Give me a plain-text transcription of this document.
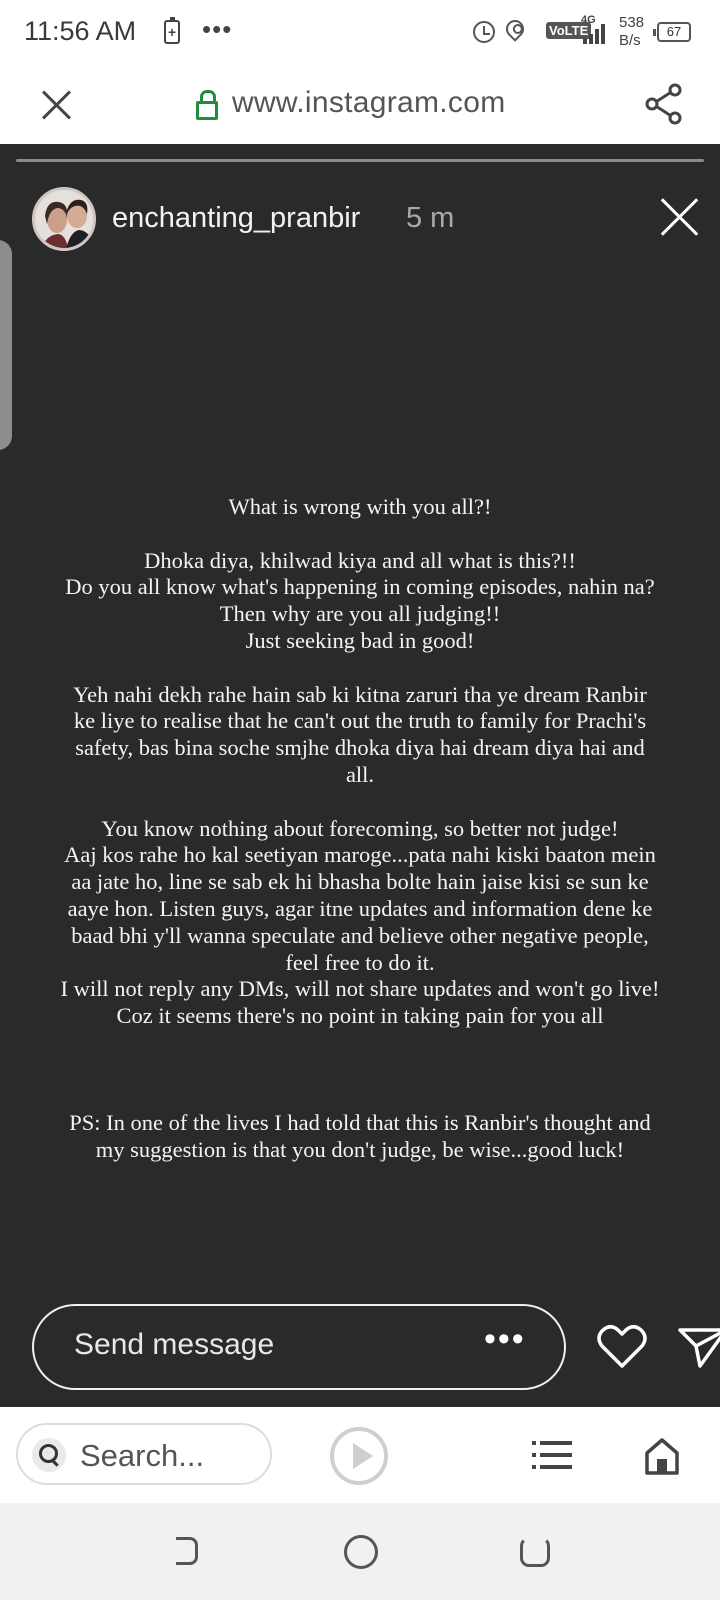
11:56 AM + •••	VoLTE
4G 538
B/s
67
www.instagram.com
enchanting_pranbir 5 m

What is wrong with you all?!

Dhoka diya, khilwad kiya and all what is this?!!
Do you all know what's happening in coming episodes, nahin na?
Then why are you all judging!!
Just seeking bad in good!

Yeh nahi dekh rahe hain sab ki kitna zaruri tha ye dream Ranbir
ke liye to realise that he can't out the truth to family for Prachi's
safety, bas bina soche smjhe dhoka diya hai dream diya hai and
all.

You know nothing about forecoming, so better not judge!
Aaj kos rahe ho kal seetiyan maroge...pata nahi kiski baaton mein
aa jate ho, line se sab ek hi bhasha bolte hain jaise kisi se sun ke
aaye hon. Listen guys, agar itne updates and information dene ke
baad bhi y'll wanna speculate and believe other negative people,
feel free to do it.
I will not reply any DMs, will not share updates and won't go live!
Coz it seems there's no point in taking pain for you all

PS: In one of the lives I had told that this is Ranbir's thought and
my suggestion is that you don't judge, be wise...good luck!

Send message	•••
Search...
